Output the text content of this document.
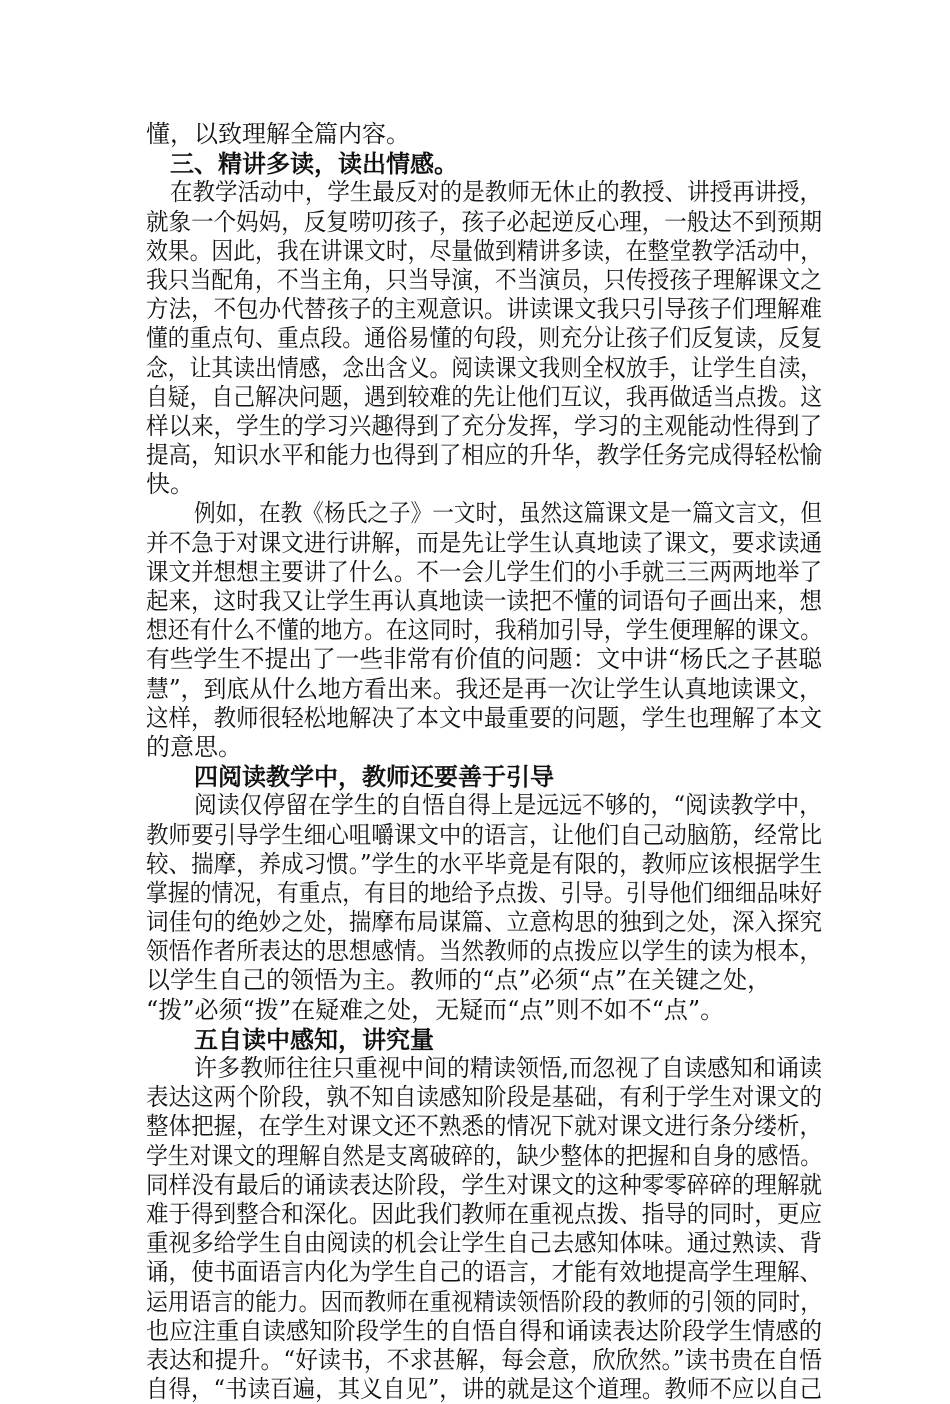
懂，以致理解全篇内容。
三、精讲多读，读出情感。
在教学活动中，学生最反对的是教师无休止的教授、讲授再讲授，
就象一个妈妈，反复唠叨孩子，孩子必起逆反心理，一般达不到预期
效果。因此，我在讲课文时，尽量做到精讲多读，在整堂教学活动中，
我只当配角，不当主角，只当导演，不当演员，只传授孩子理解课文之
方法，不包办代替孩子的主观意识。讲读课文我只引导孩子们理解难
懂的重点句、重点段。通俗易懂的句段，则充分让孩子们反复读，反复
念，让其读出情感，念出含义。阅读课文我则全权放手，让学生自渎，
自疑，自己解决问题，遇到较难的先让他们互议，我再做适当点拨。这
样以来，学生的学习兴趣得到了充分发挥，学习的主观能动性得到了
提高，知识水平和能力也得到了相应的升华，教学任务完成得轻松愉
快。
例如，在教《杨氏之子》一文时，虽然这篇课文是一篇文言文，但
并不急于对课文进行讲解，而是先让学生认真地读了课文，要求读通
课文并想想主要讲了什么。不一会儿学生们的小手就三三两两地举了
起来，这时我又让学生再认真地读一读把不懂的词语句子画出来，想
想还有什么不懂的地方。在这同时，我稍加引导，学生便理解的课文。
有些学生不提出了一些非常有价值的问题：文中讲“杨氏之子甚聪
慧”，到底从什么地方看出来。我还是再一次让学生认真地读课文，
这样，教师很轻松地解决了本文中最重要的问题，学生也理解了本文
的意思。
四阅读教学中，教师还要善于引导
阅读仅停留在学生的自悟自得上是远远不够的，“阅读教学中，
教师要引导学生细心咀嚼课文中的语言，让他们自己动脑筋，经常比
较、揣摩，养成习惯。”学生的水平毕竟是有限的，教师应该根据学生
掌握的情况，有重点，有目的地给予点拨、引导。引导他们细细品味好
词佳句的绝妙之处，揣摩布局谋篇、立意构思的独到之处，深入探究
领悟作者所表达的思想感情。当然教师的点拨应以学生的读为根本，
以学生自己的领悟为主。教师的“点”必须“点”在关键之处，
“拨”必须“拨”在疑难之处，无疑而“点”则不如不“点”。
五自读中感知，讲究量
许多教师往往只重视中间的精读领悟,而忽视了自读感知和诵读
表达这两个阶段，孰不知自读感知阶段是基础，有利于学生对课文的
整体把握，在学生对课文还不熟悉的情况下就对课文进行条分缕析，
学生对课文的理解自然是支离破碎的，缺少整体的把握和自身的感悟。
同样没有最后的诵读表达阶段，学生对课文的这种零零碎碎的理解就
难于得到整合和深化。因此我们教师在重视点拨、指导的同时，更应
重视多给学生自由阅读的机会让学生自己去感知体味。通过熟读、背
诵，使书面语言内化为学生自己的语言，才能有效地提高学生理解、
运用语言的能力。因而教师在重视精读领悟阶段的教师的引领的同时，
也应注重自读感知阶段学生的自悟自得和诵读表达阶段学生情感的
表达和提升。“好读书，不求甚解，每会意，欣欣然。”读书贵在自悟
自得，“书读百遍，其义自见”，讲的就是这个道理。教师不应以自己
